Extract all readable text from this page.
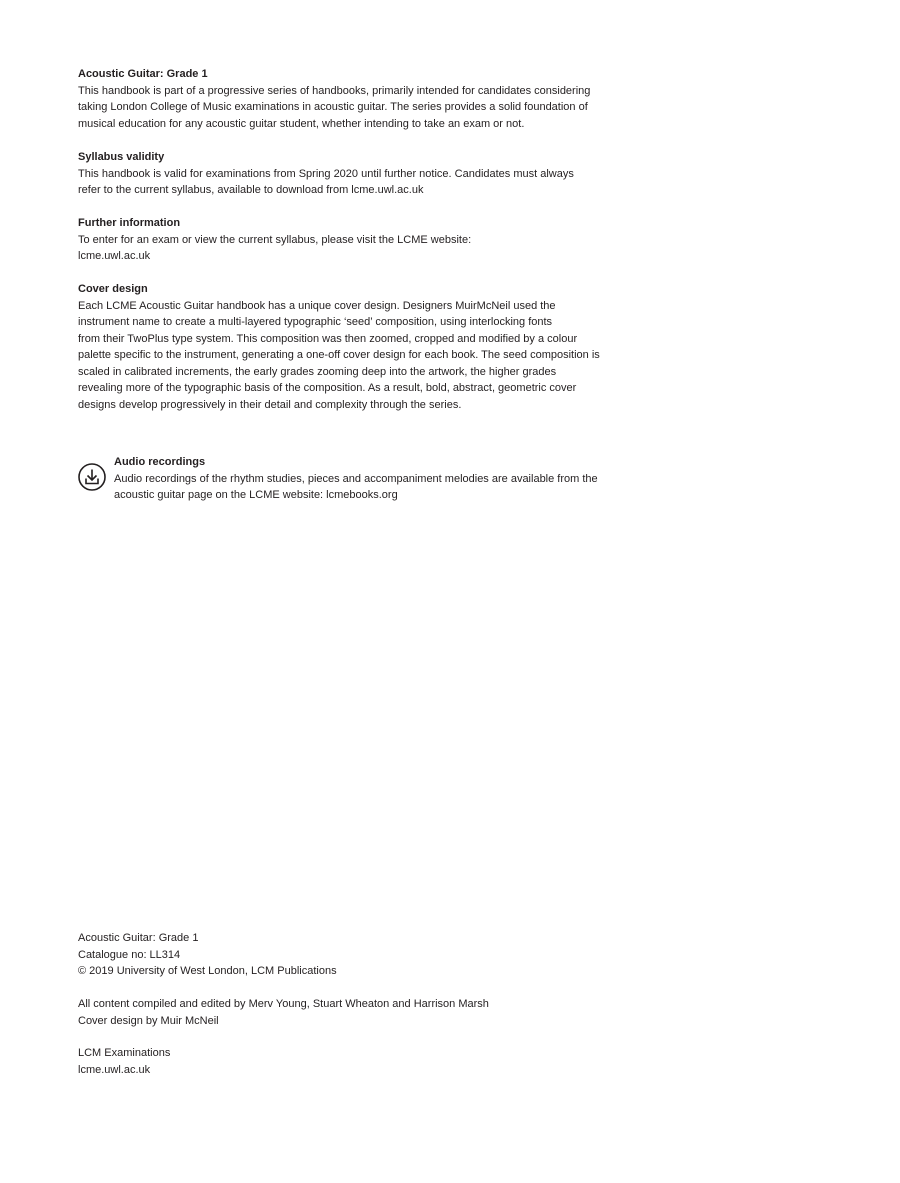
Acoustic Guitar: Grade 1
This handbook is part of a progressive series of handbooks, primarily intended for candidates considering
taking London College of Music examinations in acoustic guitar. The series provides a solid foundation of
musical education for any acoustic guitar student, whether intending to take an exam or not.
Syllabus validity
This handbook is valid for examinations from Spring 2020 until further notice. Candidates must always
refer to the current syllabus, available to download from lcme.uwl.ac.uk
Further information
To enter for an exam or view the current syllabus, please visit the LCME website:
lcme.uwl.ac.uk
Cover design
Each LCME Acoustic Guitar handbook has a unique cover design. Designers MuirMcNeil used the
instrument name to create a multi-layered typographic ‘seed’ composition, using interlocking fonts
from their TwoPlus type system. This composition was then zoomed, cropped and modified by a colour
palette specific to the instrument, generating a one-off cover design for each book. The seed composition is
scaled in calibrated increments, the early grades zooming deep into the artwork, the higher grades
revealing more of the typographic basis of the composition. As a result, bold, abstract, geometric cover
designs develop progressively in their detail and complexity through the series.
Audio recordings
Audio recordings of the rhythm studies, pieces and accompaniment melodies are available from the
acoustic guitar page on the LCME website: lcmebooks.org
Acoustic Guitar: Grade 1
Catalogue no: LL314
© 2019 University of West London, LCM Publications
All content compiled and edited by Merv Young, Stuart Wheaton and Harrison Marsh
Cover design by Muir McNeil
LCM Examinations
lcme.uwl.ac.uk
